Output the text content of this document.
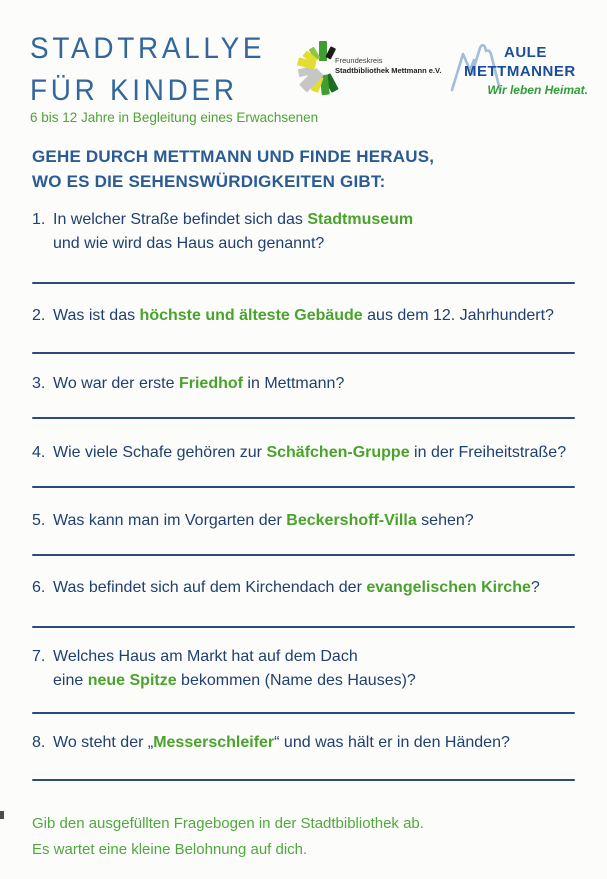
STADTRALLYE
FÜR KINDER
6 bis 12 Jahre in Begleitung eines Erwachsenen
Freundeskreis
Stadtbibliothek Mettmann e.V.
AULE
METTMANNER
Wir leben Heimat.
GEHE DURCH METTMANN UND FINDE HERAUS,
WO ES DIE SEHENSWÜRDIGKEITEN GIBT:
1. In welcher Straße befindet sich das Stadtmuseum
und wie wird das Haus auch genannt?
2. Was ist das höchste und älteste Gebäude aus dem 12. Jahrhundert?
3. Wo war der erste Friedhof in Mettmann?
4. Wie viele Schafe gehören zur Schäfchen-Gruppe in der Freiheitstraße?
5. Was kann man im Vorgarten der Beckershoff-Villa sehen?
6. Was befindet sich auf dem Kirchendach der evangelischen Kirche?
7. Welches Haus am Markt hat auf dem Dach
eine neue Spitze bekommen (Name des Hauses)?
8. Wo steht der „Messerschleifer“ und was hält er in den Händen?
Gib den ausgefüllten Fragebogen in der Stadtbibliothek ab.
Es wartet eine kleine Belohnung auf dich.
